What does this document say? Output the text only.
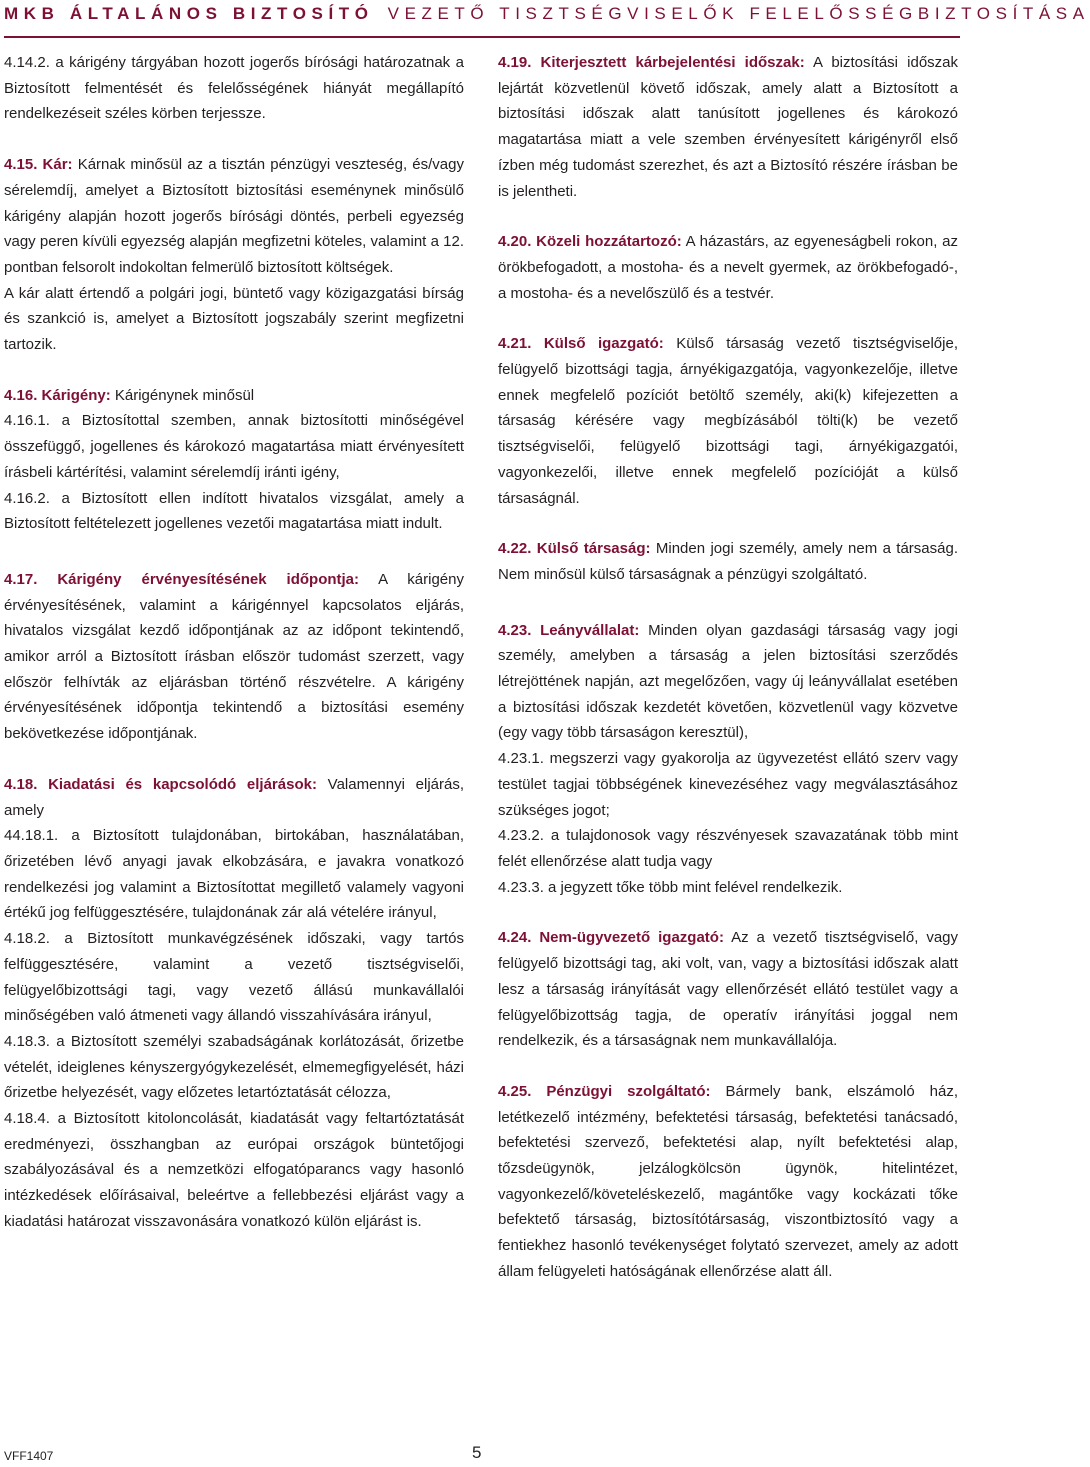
MKB ÁLTALÁNOS BIZTOSÍTÓ VEZETŐ TISZTSÉGVISELŐK FELELŐSSÉGBIZTOSÍTÁSA

4.14.2. a kárigény tárgyában hozott jogerős bírósági határozatnak a Biztosított felmentését és felelősségének hiányát megállapító rendelkezéseit széles körben terjessze.

4.15. Kár: Kárnak minősül az a tisztán pénzügyi veszteség, és/vagy sérelemdíj, amelyet a Biztosított biztosítási eseménynek minősülő kárigény alapján hozott jogerős bírósági döntés, perbeli egyezség vagy peren kívüli egyezség alapján megfizetni köteles, valamint a 12. pontban felsorolt indokoltan felmerülő biztosított költségek.

A kár alatt értendő a polgári jogi, büntető vagy közigazgatási bírság és szankció is, amelyet a Biztosított jogszabály szerint megfizetni tartozik.

4.16. Kárigény: Kárigénynek minősül

4.16.1. a Biztosítottal szemben, annak biztosítotti minőségével összefüggő, jogellenes és károkozó magatartása miatt érvényesített írásbeli kártérítési, valamint sérelemdíj iránti igény,

4.16.2. a Biztosított ellen indított hivatalos vizsgálat, amely a Biztosított feltételezett jogellenes vezetői magatartása miatt indult.

4.17. Kárigény érvényesítésének időpontja: A kárigény érvényesítésének, valamint a kárigénnyel kapcsolatos eljárás, hivatalos vizsgálat kezdő időpontjának az az időpont tekintendő, amikor arról a Biztosított írásban először tudomást szerzett, vagy először felhívták az eljárásban történő részvételre. A kárigény érvényesítésének időpontja tekintendő a biztosítási esemény bekövetkezése időpontjának.

4.18. Kiadatási és kapcsolódó eljárások: Valamennyi eljárás, amely

44.18.1. a Biztosított tulajdonában, birtokában, használatában, őrizetében lévő anyagi javak elkobzására, e javakra vonatkozó rendelkezési jog valamint a Biztosítottat megillető valamely vagyoni értékű jog felfüggesztésére, tulajdonának zár alá vételére irányul,

4.18.2. a Biztosított munkavégzésének időszaki, vagy tartós felfüggesztésére, valamint a vezető tisztségviselői, felügyelőbizottsági tagi, vagy vezető állású munkavállalói minőségében való átmeneti vagy állandó visszahívására irányul,

4.18.3. a Biztosított személyi szabadságának korlátozását, őrizetbe vételét, ideiglenes kényszergyógykezelését, elmemegfigyelését, házi őrizetbe helyezését, vagy előzetes letartóztatását célozza,

4.18.4. a Biztosított kitoloncolását, kiadatását vagy feltartóztatását eredményezi, összhangban az európai országok büntetőjogi szabályozásával és a nemzetközi elfogatóparancs vagy hasonló intézkedések előírásaival, beleértve a fellebbezési eljárást vagy a kiadatási határozat visszavonására vonatkozó külön eljárást is.

4.19. Kiterjesztett kárbejelentési időszak: A biztosítási időszak lejártát közvetlenül követő időszak, amely alatt a Biztosított a biztosítási időszak alatt tanúsított jogellenes és károkozó magatartása miatt a vele szemben érvényesített kárigényről első ízben még tudomást szerezhet, és azt a Biztosító részére írásban be is jelentheti.

4.20. Közeli hozzátartozó: A házastárs, az egyeneságbeli rokon, az örökbefogadott, a mostoha- és a nevelt gyermek, az örökbefogadó-, a mostoha- és a nevelőszülő és a testvér.

4.21. Külső igazgató: Külső társaság vezető tisztségviselője, felügyelő bizottsági tagja, árnyékigazgatója, vagyonkezelője, illetve ennek megfelelő pozíciót betöltő személy, aki(k) kifejezetten a társaság kérésére vagy megbízásából tölti(k) be vezető tisztségviselői, felügyelő bizottsági tagi, árnyékigazgatói, vagyonkezelői, illetve ennek megfelelő pozícióját a külső társaságnál.

4.22. Külső társaság: Minden jogi személy, amely nem a társaság. Nem minősül külső társaságnak a pénzügyi szolgáltató.

4.23. Leányvállalat: Minden olyan gazdasági társaság vagy jogi személy, amelyben a társaság a jelen biztosítási szerződés létrejöttének napján, azt megelőzően, vagy új leányvállalat esetében a biztosítási időszak kezdetét követően, közvetlenül vagy közvetve (egy vagy több társaságon keresztül),

4.23.1. megszerzi vagy gyakorolja az ügyvezetést ellátó szerv vagy testület tagjai többségének kinevezéséhez vagy megválasztásához szükséges jogot;

4.23.2. a tulajdonosok vagy részvényesek szavazatának több mint felét ellenőrzése alatt tudja vagy

4.23.3. a jegyzett tőke több mint felével rendelkezik.

4.24. Nem-ügyvezető igazgató: Az a vezető tisztségviselő, vagy felügyelő bizottsági tag, aki volt, van, vagy a biztosítási időszak alatt lesz a társaság irányítását vagy ellenőrzését ellátó testület vagy a felügyelőbizottság tagja, de operatív irányítási joggal nem rendelkezik, és a társaságnak nem munkavállalója.

4.25. Pénzügyi szolgáltató: Bármely bank, elszámoló ház, letétkezelő intézmény, befektetési társaság, befektetési tanácsadó, befektetési szervező, befektetési alap, nyílt befektetési alap, tőzsdeügynök, jelzálogkölcsön ügynök, hitelintézet, vagyonkezelő/követeléskezelő, magántőke vagy kockázati tőke befektető társaság, biztosítótársaság, viszontbiztosító vagy a fentiekhez hasonló tevékenységet folytató szervezet, amely az adott állam felügyeleti hatóságának ellenőrzése alatt áll.

VFF1407	5
